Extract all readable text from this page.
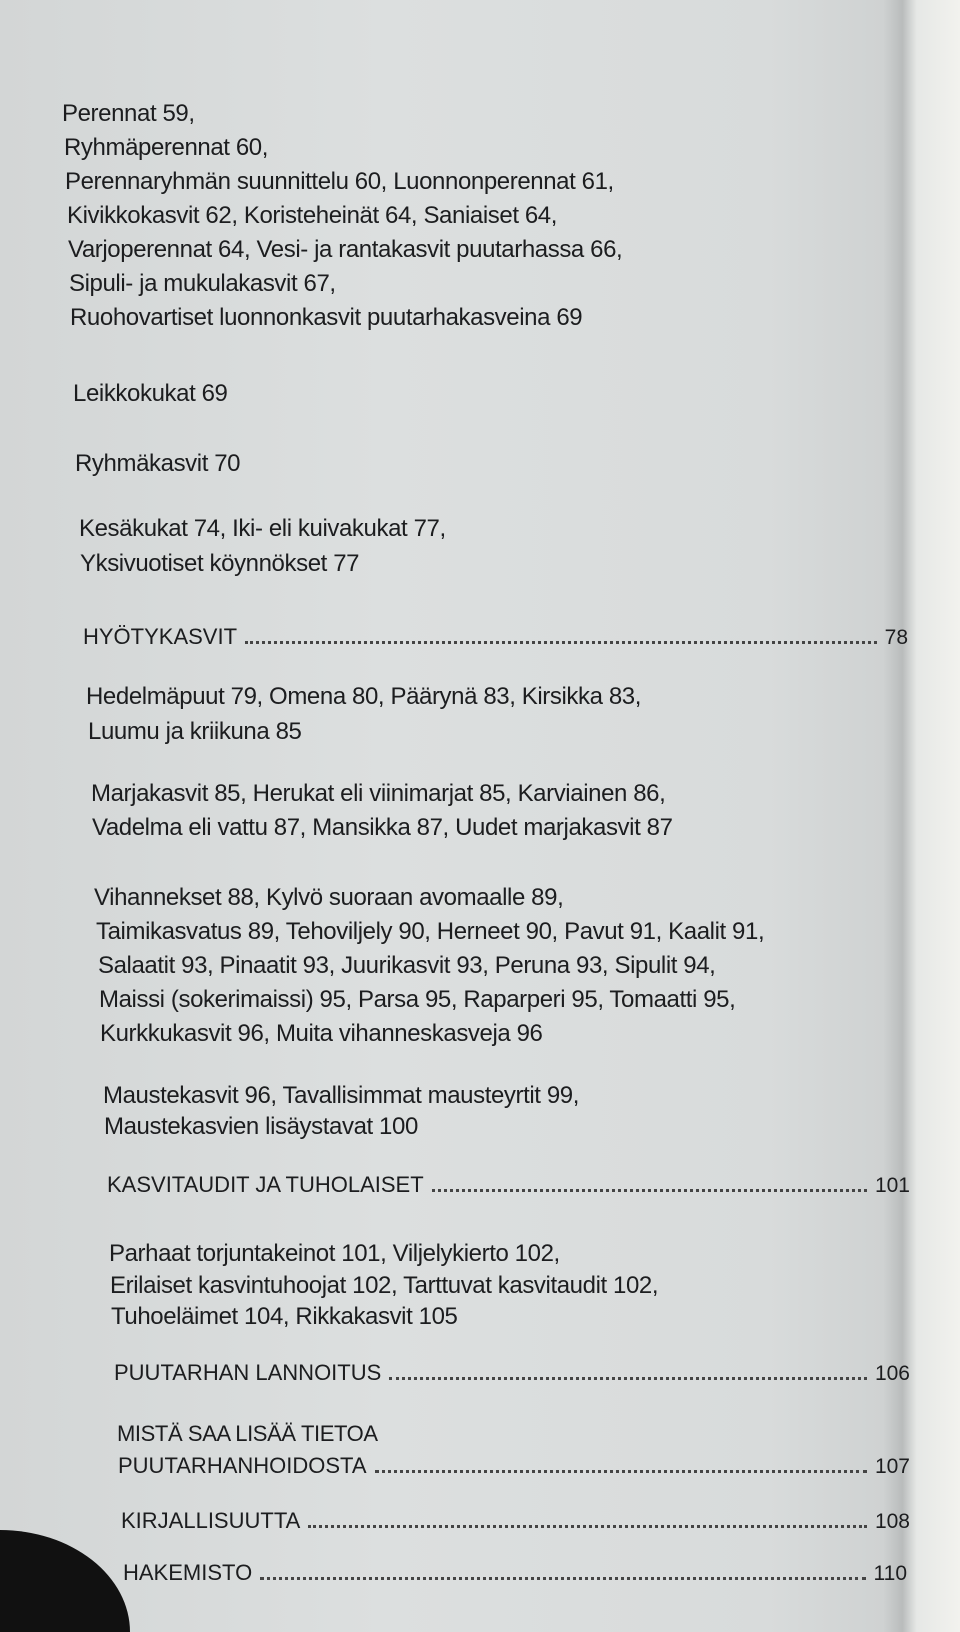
Perennat 59,
Ryhmäperennat 60,
Perennaryhmän suunnittelu 60, Luonnonperennat 61,
Kivikkokasvit 62, Koristeheinät 64, Saniaiset 64,
Varjoperennat 64, Vesi- ja rantakasvit puutarhassa 66,
Sipuli- ja mukulakasvit 67,
Ruohovartiset luonnonkasvit puutarhakasveina 69
Leikkokukat 69
Ryhmäkasvit 70
Kesäkukat 74, Iki- eli kuivakukat 77,
Yksivuotiset köynnökset 77
HYÖTYKASVIT	78
Hedelmäpuut 79, Omena 80, Päärynä 83, Kirsikka 83,
Luumu ja kriikuna 85
Marjakasvit 85, Herukat eli viinimarjat 85, Karviainen 86,
Vadelma eli vattu 87, Mansikka 87, Uudet marjakasvit 87
Vihannekset 88, Kylvö suoraan avomaalle 89,
Taimikasvatus 89, Tehoviljely 90, Herneet 90, Pavut 91, Kaalit 91,
Salaatit 93, Pinaatit 93, Juurikasvit 93, Peruna 93, Sipulit 94,
Maissi (sokerimaissi) 95, Parsa 95, Raparperi 95, Tomaatti 95,
Kurkkukasvit 96, Muita vihanneskasveja 96
Maustekasvit 96, Tavallisimmat mausteyrtit 99,
Maustekasvien lisäystavat 100
KASVITAUDIT JA TUHOLAISET	101
Parhaat torjuntakeinot 101, Viljelykierto 102,
Erilaiset kasvintuhoojat 102, Tarttuvat kasvitaudit 102,
Tuhoeläimet 104, Rikkakasvit 105
PUUTARHAN LANNOITUS	106
MISTÄ SAA LISÄÄ TIETOA
PUUTARHANHOIDOSTA	107
KIRJALLISUUTTA	108
HAKEMISTO	110
